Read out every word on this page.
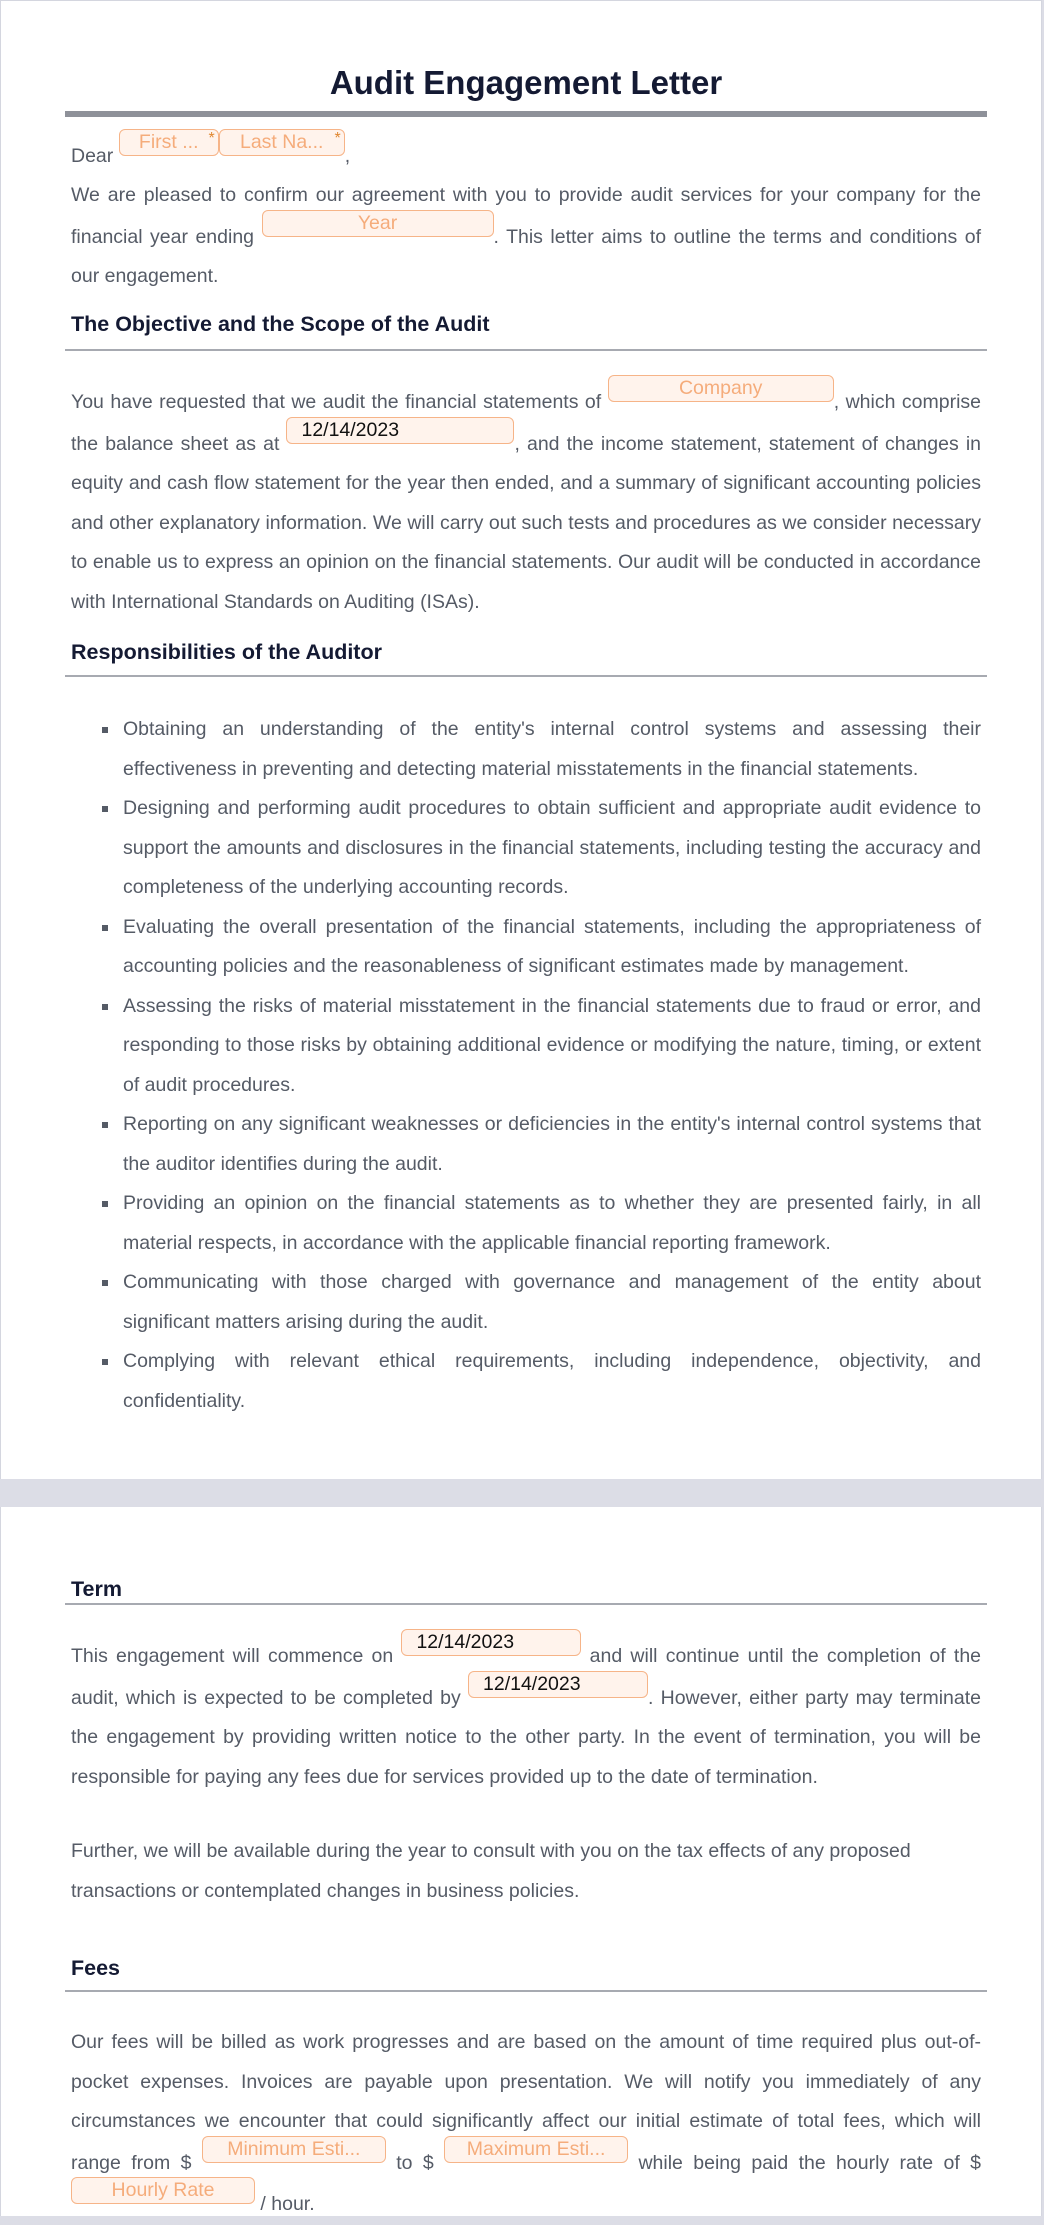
Audit Engagement Letter

Dear First ... * Last Na... *
,

We are pleased to confirm our agreement with you to provide audit services for your company for the financial year ending Year. This letter aims to outline the terms and conditions of our engagement.

The Objective and the Scope of the Audit

You have requested that we audit the financial statements of Company, which comprise the balance sheet as at 12/14/2023, and the income statement, statement of changes in equity and cash flow statement for the year then ended, and a summary of significant accounting policies and other explanatory information. We will carry out such tests and procedures as we consider necessary to enable us to express an opinion on the financial statements. Our audit will be conducted in accordance with International Standards on Auditing (ISAs).

Responsibilities of the Auditor
Obtaining an understanding of the entity's internal control systems and assessing their effectiveness in preventing and detecting material misstatements in the financial statements.
Designing and performing audit procedures to obtain sufficient and appropriate audit evidence to support the amounts and disclosures in the financial statements, including testing the accuracy and completeness of the underlying accounting records.
Evaluating the overall presentation of the financial statements, including the appropriateness of accounting policies and the reasonableness of significant estimates made by management.
Assessing the risks of material misstatement in the financial statements due to fraud or error, and responding to those risks by obtaining additional evidence or modifying the nature, timing, or extent of audit procedures.
Reporting on any significant weaknesses or deficiencies in the entity's internal control systems that the auditor identifies during the audit.
Providing an opinion on the financial statements as to whether they are presented fairly, in all material respects, in accordance with the applicable financial reporting framework.
Communicating with those charged with governance and management of the entity about significant matters arising during the audit.
Complying with relevant ethical requirements, including independence, objectivity, and confidentiality.
Term

This engagement will commence on 12/14/2023 and will continue until the completion of the audit, which is expected to be completed by 12/14/2023. However, either party may terminate the engagement by providing written notice to the other party. In the event of termination, you will be responsible for paying any fees due for services provided up to the date of termination.

Further, we will be available during the year to consult with you on the tax effects of any proposed transactions or contemplated changes in business policies.

Fees

Our fees will be billed as work progresses and are based on the amount of time required plus out-of-pocket expenses. Invoices are payable upon presentation. We will notify you immediately of any circumstances we encounter that could significantly affect our initial estimate of total fees, which will range from $ Minimum Esti... to $ Maximum Esti... while being paid the hourly rate of $ Hourly Rate / hour.
